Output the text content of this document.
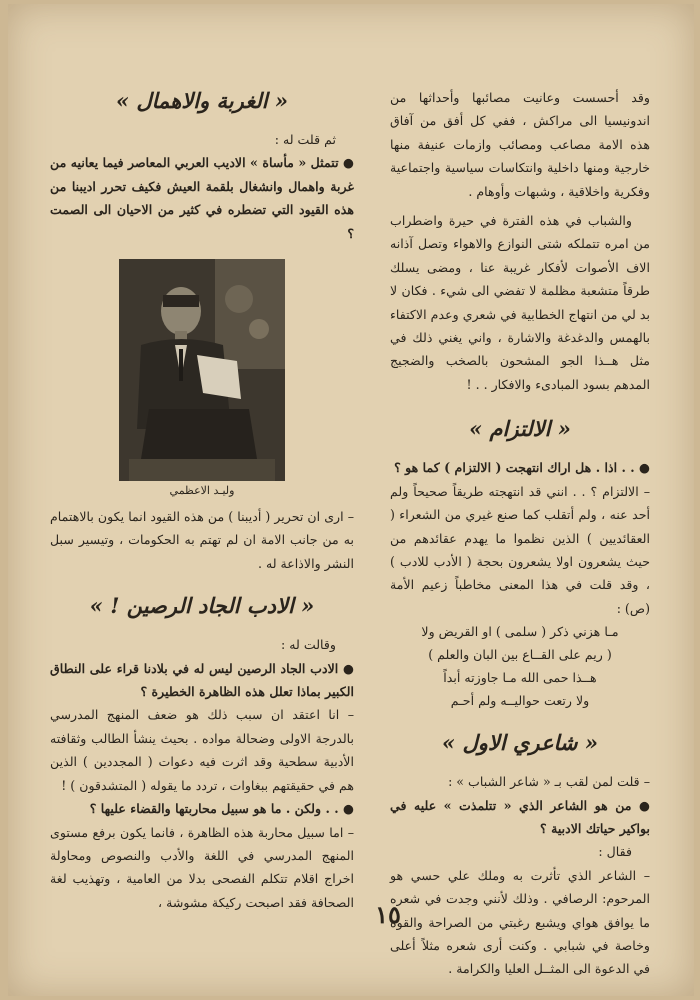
وقد أحسست وعانيت مصائبها وأحداثها من اندونيسيا الى مراكش ، ففي كل أفق من آفاق هذه الامة مصاعب ومصائب وازمات عنيفة منها خارجية ومنها داخلية وانتكاسات سياسية واجتماعية وفكرية واخلاقية ، وشبهات وأوهام .

والشباب في هذه الفترة في حيرة واضطراب من امره تتملكه شتى النوازع والاهواء وتصل آذانه الاف الأصوات لأفكار غريبة عنا ، ومضى يسلك طرقاً متشعبة مظلمة لا تفضي الى شيء . فكان لا بد لي من انتهاج الخطابية في شعري وعدم الاكتفاء بالهمس والدغدغة والاشارة ، واني يغني ذلك في مثل هــذا الجو المشحون بالصخب والضجيج المدهم بسود المبادىء والافكار . . !

« الالتزام »

● . . اذا . هل اراك انتهجت ( الالتزام ) كما هو ؟

– الالتزام ؟ . . انني قد انتهجته طريقاً صحيحاً ولم أحد عنه ، ولم أتقلب كما صنع غيري من الشعراء ( العقائديين ) الذين نظموا ما يهدم عقائدهم من حيث يشعرون اولا يشعرون بحجة ( الأدب للادب ) ، وقد قلت في هذا المعنى مخاطباً زعيم الأمة (ص) :

مـا هزني ذكر ( سلمى ) او القريض ولا
( ريم على القــاع بين البان والعلم )
هــذا حمى الله مـا جاوزته أبداً
ولا رتعت حواليــه ولم أحـم
« شاعري الاول »

– قلت لمن لقب بـ « شاعر الشباب » :

● من هو الشاعر الذي « تتلمذت » عليه في بواكير حياتك الادبية ؟

فقال :

– الشاعر الذي تأثرت به وملك علي حسي هو المرحوم: الرصافي . وذلك لأنني وجدت في شعره ما يوافق هواي ويشبع رغبتي من الصراحة والقوة وخاصة في شبابي . وكنت أرى شعره مثلاً أعلى في الدعوة الى المثــل العليا والكرامة .

« الغربة والاهمال »

ثم قلت له :

● تتمثل « مأساة » الاديب العربي المعاصر فيما يعانيه من غربة واهمال وانشغال بلقمة العيش فكيف تحرر اديبنا من هذه القيود التي تضطره في كثير من الاحيان الى الصمت ؟

وليـد الاعظمي

– ارى ان تحرير ( أديبنا ) من هذه القيود انما يكون بالاهتمام به من جانب الامة ان لم تهتم به الحكومات ، وتيسير سبل النشر والاذاعة له .

« الادب الجاد الرصين ! »

وقالت له :

● الادب الجاد الرصين ليس له في بلادنا قراء على النطاق الكبير بماذا تعلل هذه الظاهرة الخطيرة ؟

– انا اعتقد ان سبب ذلك هو ضعف المنهج المدرسي بالدرجة الاولى وضحالة مواده . بحيث ينشأ الطالب وثقافته الأدبية سطحية وقد اثرت فيه دعوات ( المجددين ) الذين هم في حقيقتهم ببغاوات ، تردد ما يقوله ( المتشدقون ) !

● . . ولكن . ما هو سبيل محاربتها والقضاء عليها ؟

– اما سبيل محاربة هذه الظاهرة ، فانما يكون برفع مستوى المنهج المدرسي في اللغة والأدب والنصوص ومحاولة اخراج اقلام تتكلم الفصحى بدلا من العامية ، وتهذيب لغة الصحافة فقد اصبحت ركيكة مشوشة ، ١٥
